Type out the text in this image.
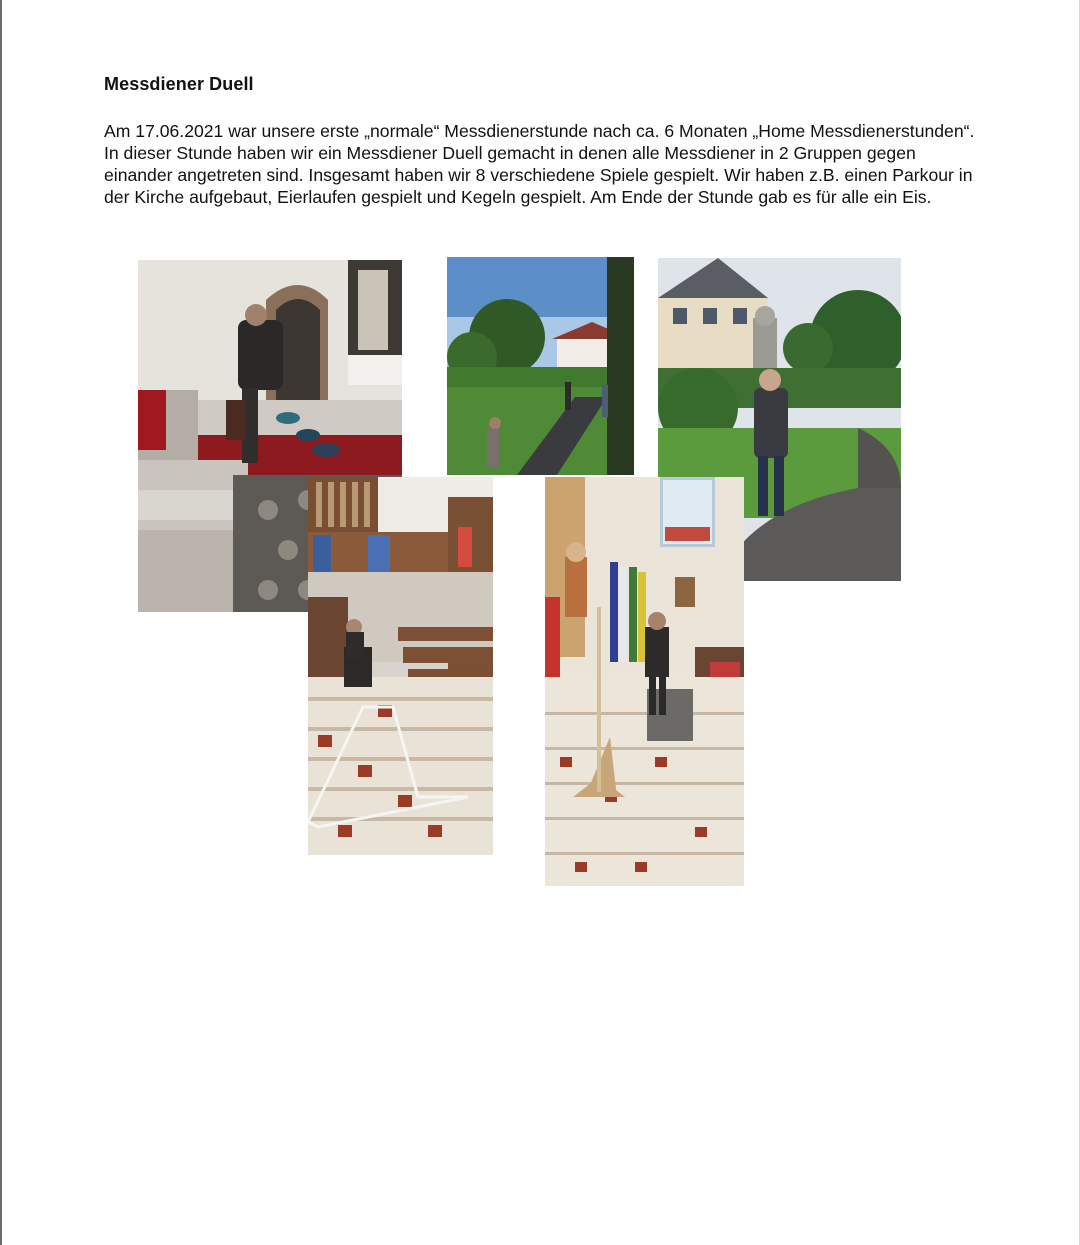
Messdiener Duell

Am 17.06.2021 war unsere erste „normale“ Messdienerstunde nach ca. 6 Monaten „Home Messdienerstunden“. In dieser Stunde haben wir ein Messdiener Duell gemacht in denen alle Messdiener in 2 Gruppen gegen einander angetreten sind. Insgesamt haben wir 8 verschiedene Spiele gespielt. Wir haben z.B. einen Parkour in der Kirche aufgebaut, Eierlaufen gespielt und Kegeln gespielt. Am Ende der Stunde gab es für alle ein Eis.
